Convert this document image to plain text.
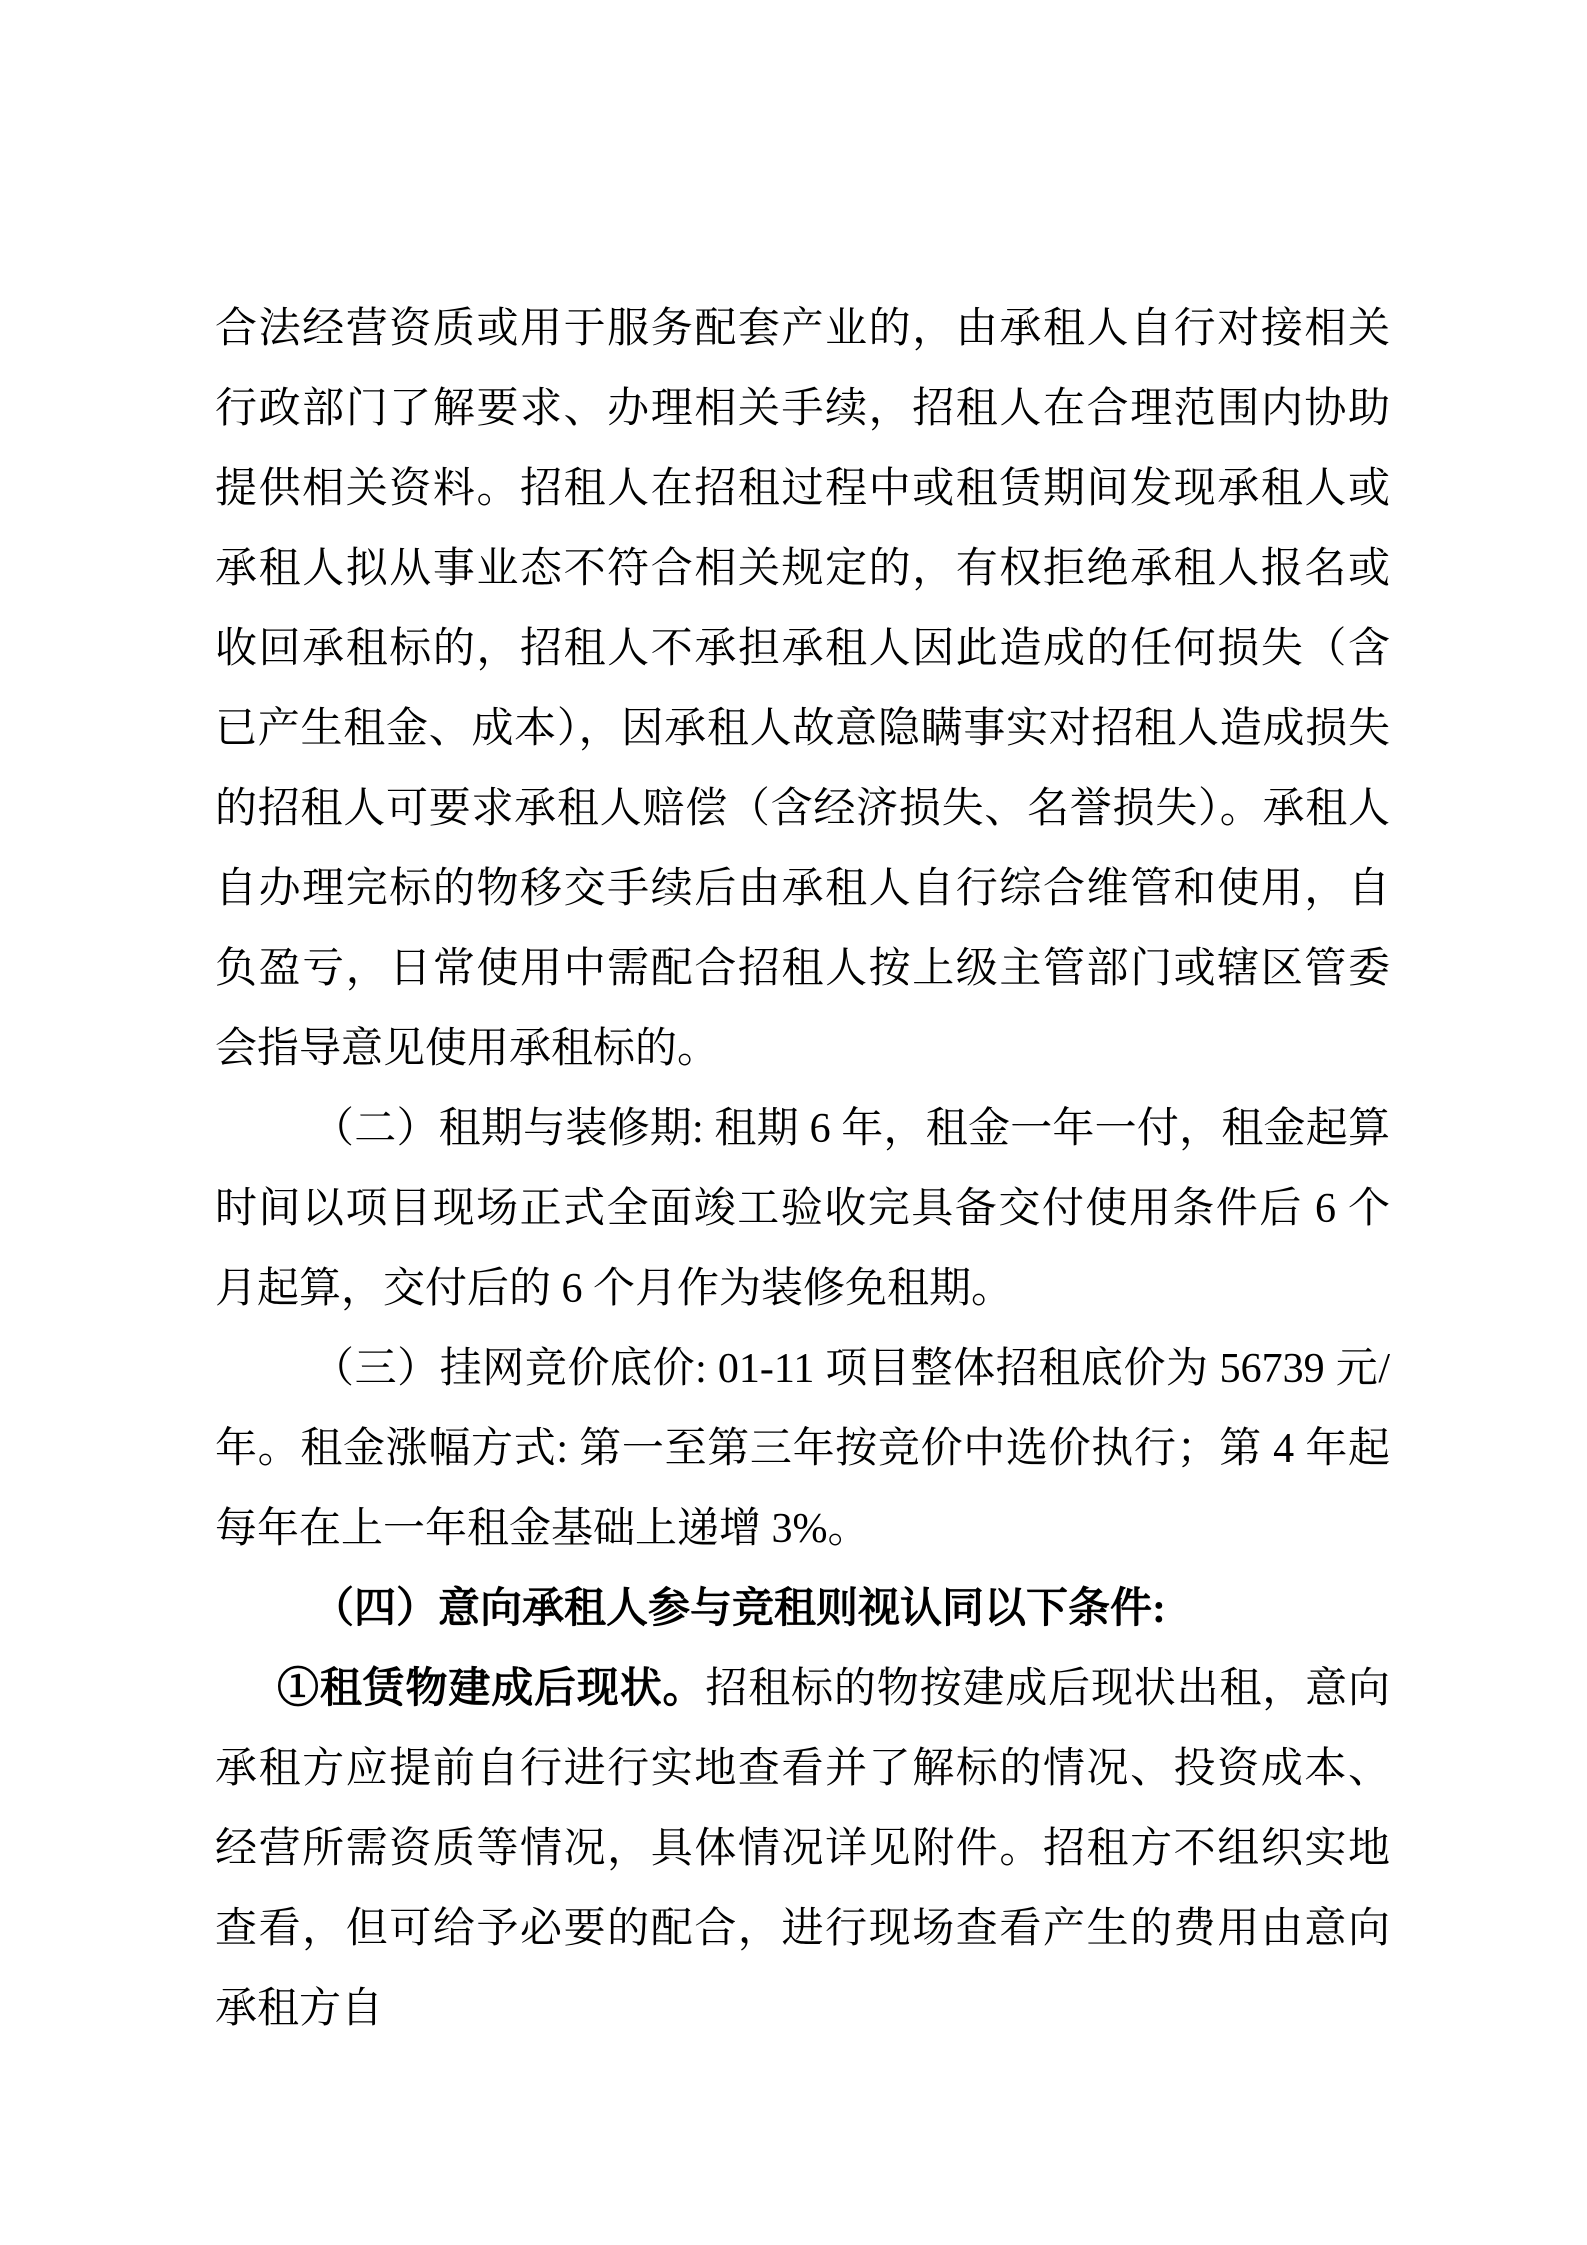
合法经营资质或用于服务配套产业的，由承租人自行对接相关行政部门了解要求、办理相关手续，招租人在合理范围内协助提供相关资料。招租人在招租过程中或租赁期间发现承租人或承租人拟从事业态不符合相关规定的，有权拒绝承租人报名或收回承租标的，招租人不承担承租人因此造成的任何损失（含已产生租金、成本），因承租人故意隐瞒事实对招租人造成损失的招租人可要求承租人赔偿（含经济损失、名誉损失）。承租人自办理完标的物移交手续后由承租人自行综合维管和使用，自负盈亏，日常使用中需配合招租人按上级主管部门或辖区管委会指导意见使用承租标的。

（二）租期与装修期: 租期 6 年，租金一年一付，租金起算时间以项目现场正式全面竣工验收完具备交付使用条件后 6 个月起算，交付后的 6 个月作为装修免租期。

（三）挂网竞价底价: 01-11 项目整体招租底价为 56739 元/年。租金涨幅方式: 第一至第三年按竞价中选价执行；第 4 年起每年在上一年租金基础上递增 3%。

（四）意向承租人参与竞租则视认同以下条件:

①租赁物建成后现状。招租标的物按建成后现状出租，意向承租方应提前自行进行实地查看并了解标的情况、投资成本、经营所需资质等情况，具体情况详见附件。招租方不组织实地查看，但可给予必要的配合，进行现场查看产生的费用由意向承租方自
